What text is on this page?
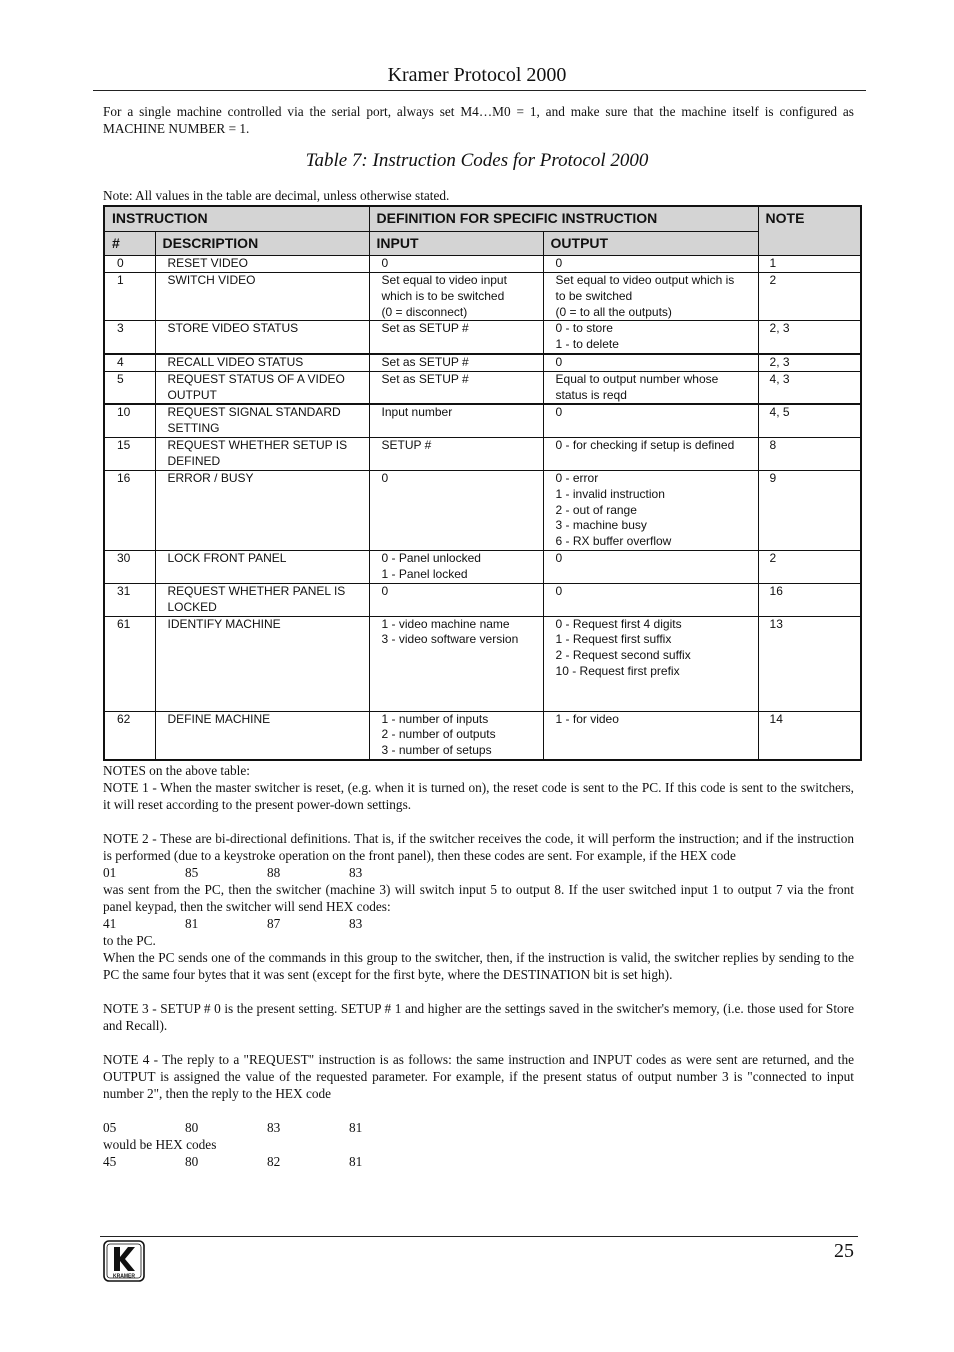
Kramer Protocol 2000
For a single machine controlled via the serial port, always set M4…M0 = 1, and make sure that the machine itself is configured as MACHINE NUMBER = 1.
Table 7: Instruction Codes for Protocol 2000
Note: All values in the table are decimal, unless otherwise stated.
INSTRUCTION		DEFINITION FOR SPECIFIC INSTRUCTION		NOTE
#	DESCRIPTION	INPUT	OUTPUT	

0	RESET VIDEO	0	0	1

1	SWITCH VIDEO	Set equal to video input
which is to be switched
(0 = disconnect)	Set equal to video output which is
to be switched
(0 = to all the outputs)	2

3	STORE VIDEO STATUS	Set as SETUP #	0 - to store
1 - to delete	2, 3

4	RECALL VIDEO STATUS	Set as SETUP #	0	2, 3

5	REQUEST STATUS OF A VIDEO
OUTPUT	Set as SETUP #	Equal to output number whose
status is reqd	4, 3

10	REQUEST SIGNAL STANDARD
SETTING	Input number	0	4, 5

15	REQUEST WHETHER SETUP IS
DEFINED	SETUP #	0 - for checking if setup is defined	8

16	ERROR / BUSY	0	0 - error
1 - invalid instruction
2 - out of range
3 - machine busy
6 - RX buffer overflow	9

30	LOCK FRONT PANEL	0 - Panel unlocked
1 - Panel locked	0	2

31	REQUEST WHETHER PANEL IS
LOCKED	0	0	16

61	IDENTIFY MACHINE	1 - video machine name
3 - video software version	0 - Request first 4 digits
1 - Request first suffix
2 - Request second suffix
10 - Request first prefix	13

62	DEFINE MACHINE	1 - number of inputs
2 - number of outputs
3 - number of setups	1 - for video	14

NOTES on the above table:

NOTE 1 - When the master switcher is reset, (e.g. when it is turned on), the reset code is sent to the PC. If this code is sent to the switchers, it will reset according to the present power-down settings.

NOTE 2 - These are bi-directional definitions. That is, if the switcher receives the code, it will perform the instruction; and if the instruction is performed (due to a keystroke operation on the front panel), then these codes are sent. For example, if the HEX code

01	85	88	83

was sent from the PC, then the switcher (machine 3) will switch input 5 to output 8. If the user switched input 1 to output 7 via the front panel keypad, then the switcher will send HEX codes:

41	81	87	83

to the PC.

When the PC sends one of the commands in this group to the switcher, then, if the instruction is valid, the switcher replies by sending to the PC the same four bytes that it was sent (except for the first byte, where the DESTINATION bit is set high).

NOTE 3 - SETUP # 0 is the present setting. SETUP # 1 and higher are the settings saved in the switcher's memory, (i.e. those used for Store and Recall).

NOTE 4 - The reply to a "REQUEST" instruction is as follows: the same instruction and INPUT codes as were sent are returned, and the OUTPUT is assigned the value of the requested parameter. For example, if the present status of output number 3 is "connected to input number 2", then the reply to the HEX code

05	80	83	81

would be HEX codes

45	80	82	81
KRAMER
25
